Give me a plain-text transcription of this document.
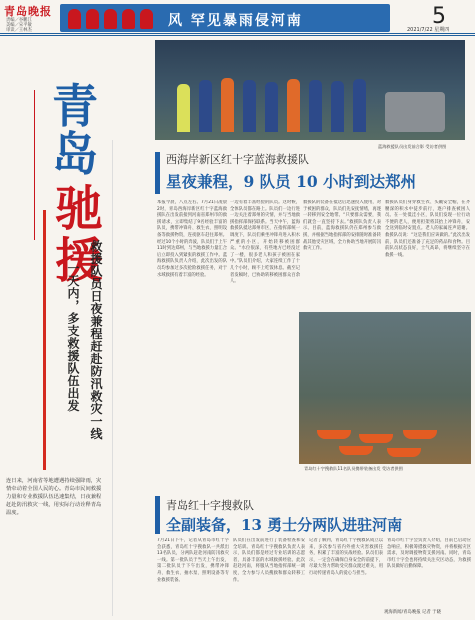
青岛晚报
责编／谷鹏江
美编／宋平敏
审读／王林杰
风 罕见暴雨侵河南	5
2021/7/22 星期四
青
岛
驰
援
救援队员日夜兼程赶赴防汛救灾一线
一天内，多支救援队伍出发
连日来，河南省等地遭遇持续强降雨，灾情牵动着全国人民的心。青岛市民间救援力量和专业救援队伍迅速集结，日夜兼程赶赴防汛救灾一线，用实际行动诠释青岛温度。
蓝海救援队员出发前合影 受访者供图
西海岸新区红十字蓝海救援队
星夜兼程，9 队员 10 小时到达郑州
本报今晨，八点左右。7月21日凌晨2时，青岛西海岸新区红十字蓝海救援队在出发前接到河南省郑州市的救援请求，立即集结了9名经验丰富的队员，携带冲锋舟、救生衣、照明设备等救援物资，连夜驱车赶往郑州。经过10个小时的奔波，队员们于上午11时到达郑州，与当地救援力量汇合后立即投入到紧张的救援工作中。蓝海救援队负责人介绍，此次出发的队员均参加过多次抢险救援任务，对于水域救援有着丰富的经验。
一边有着丰富经验的队员。这时候，全体队员都在路上。队员们一边行进一边关注着郑州的灾情，并与当地救援指挥部保持联系。当天中午，蓝海救援队抵达郑州市区，在指挥部统一调度下，队员们乘坐冲锋舟进入积水严重的小区，开始转移被困群众。“水位很深，有些地方已经没过了一楼，很多老人和孩子被困在家中。”队员们介绍，大家连续工作了十几个小时，顾不上吃饭休息。截至记者发稿时，已协助转移被困群众百余人。
救援队的装备在抵达后迅速投入使用，对于被困的群众，队员们先安抚情绪，再逐一转移到安全地带。“只要群众需要，我们就会一直坚持下去。”救援队负责人表示。目前，蓝海救援队仍在郑州参与救援，并根据当地指挥部的安排随时准备转战其他受灾区域，全力协助当地开展防汛救灾工作。
救援队员们身穿救生衣、头戴安全帽，在齐腰深的积水中徒步前行，逐户排查被困人员。在一处低洼小区，队员们发现一位行动不便的老人，便用担架将其抬上冲锋舟，安全送到临时安置点。老人的家属连声道谢。救援队员说：“这是我们应该做的。”此次出发前，队员们还准备了充足的药品和食物。目前队员状态良好，士气高昂，将继续坚守在救援一线。
青岛红十字搜救队11名队员携带装备出发 受访者供图
青岛红十字搜救队
全副装备，13 勇士分两队进驻河南
7月21日下午，记者从青岛市红十字会获悉，青岛红十字搜救队一共派出13名队员，分两队赶赴河南防汛救灾一线。第一批队员于当天上午出发，第二批队员于下午出发，携带冲锋舟、救生衣、抽水泵、照明设备等专业救援装备。
队员们在出发前进行了装备检查和安全培训。青岛红十字搜救队负责人表示，队员们都是经过专业培训的志愿者，具备丰富的水域救援经验。此次赶赴河南，将服从当地指挥部统一调度，全力参与人员搜救和群众转移工作。
记者了解到，青岛红十字搜救队成立以来，多次参与省内外重大灾害救援任务，积累了丰富的实战经验。队员们表示，一定会在确保自身安全的前提下，尽最大努力帮助受灾群众渡过难关，用行动传递青岛人的爱心与担当。
青岛市红十字会负责人介绍，目前已启动应急响应，积极筹措救灾物资，并将根据灾区需求，及时调拨物资支援河南。同时，青岛市红十字会也将持续关注灾区动态，为救援队员做好后勤保障。
观海新闻/青岛晚报 记者 于晓
